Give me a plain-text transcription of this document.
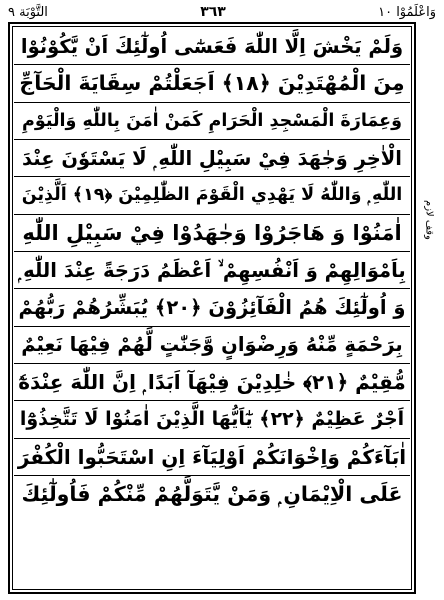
التَّوْبَة ٩	٣٦٣	وَاعْلَمُوْا ١٠
وقف لازم
وَلَمْ يَخْشَ اِلَّا اللّٰهَ فَعَسٰٓى اُولٰٓئِكَ اَنْ يَّكُوْنُوْا
مِنَ الْمُهْتَدِيْنَ ﴿١٨﴾ اَجَعَلْتُمْ سِقَايَةَ الْحَآجِّ
وَعِمَارَةَ الْمَسْجِدِ الْحَرَامِ كَمَنْ اٰمَنَ بِاللّٰهِ وَالْيَوْمِ
الْاٰخِرِ وَجٰهَدَ فِيْ سَبِيْلِ اللّٰهِ ۭ لَا يَسْتَوٗنَ عِنْدَ
اللّٰهِ ۭ وَاللّٰهُ لَا يَهْدِي الْقَوْمَ الظّٰلِمِيْنَ ﴿١٩﴾ اَلَّذِيْنَ
اٰمَنُوْا وَ هَاجَرُوْا وَجٰهَدُوْا فِيْ سَبِيْلِ اللّٰهِ
بِاَمْوَالِهِمْ وَ اَنْفُسِهِمْ ۙ اَعْظَمُ دَرَجَةً عِنْدَ اللّٰهِ ۭ
وَ اُولٰٓئِكَ هُمُ الْفَآئِزُوْنَ ﴿٢٠﴾ يُبَشِّرُهُمْ رَبُّهُمْ
بِرَحْمَةٍ مِّنْهُ وَرِضْوَانٍ وَّجَنّٰتٍ لَّهُمْ فِيْهَا نَعِيْمٌ
مُّقِيْمٌ ﴿٢١﴾ خٰلِدِيْنَ فِيْهَآ اَبَدًا ۭ اِنَّ اللّٰهَ عِنْدَهٗٓ
اَجْرٌ عَظِيْمٌ ﴿٢٢﴾ يٰٓاَيُّهَا الَّذِيْنَ اٰمَنُوْا لَا تَتَّخِذُوْٓا
اٰبَآءَكُمْ وَاِخْوَانَكُمْ اَوْلِيَآءَ اِنِ اسْتَحَبُّوا الْكُفْرَ
عَلَى الْاِيْمَانِ ۭ وَمَنْ يَّتَوَلَّهُمْ مِّنْكُمْ فَاُولٰٓئِكَ
